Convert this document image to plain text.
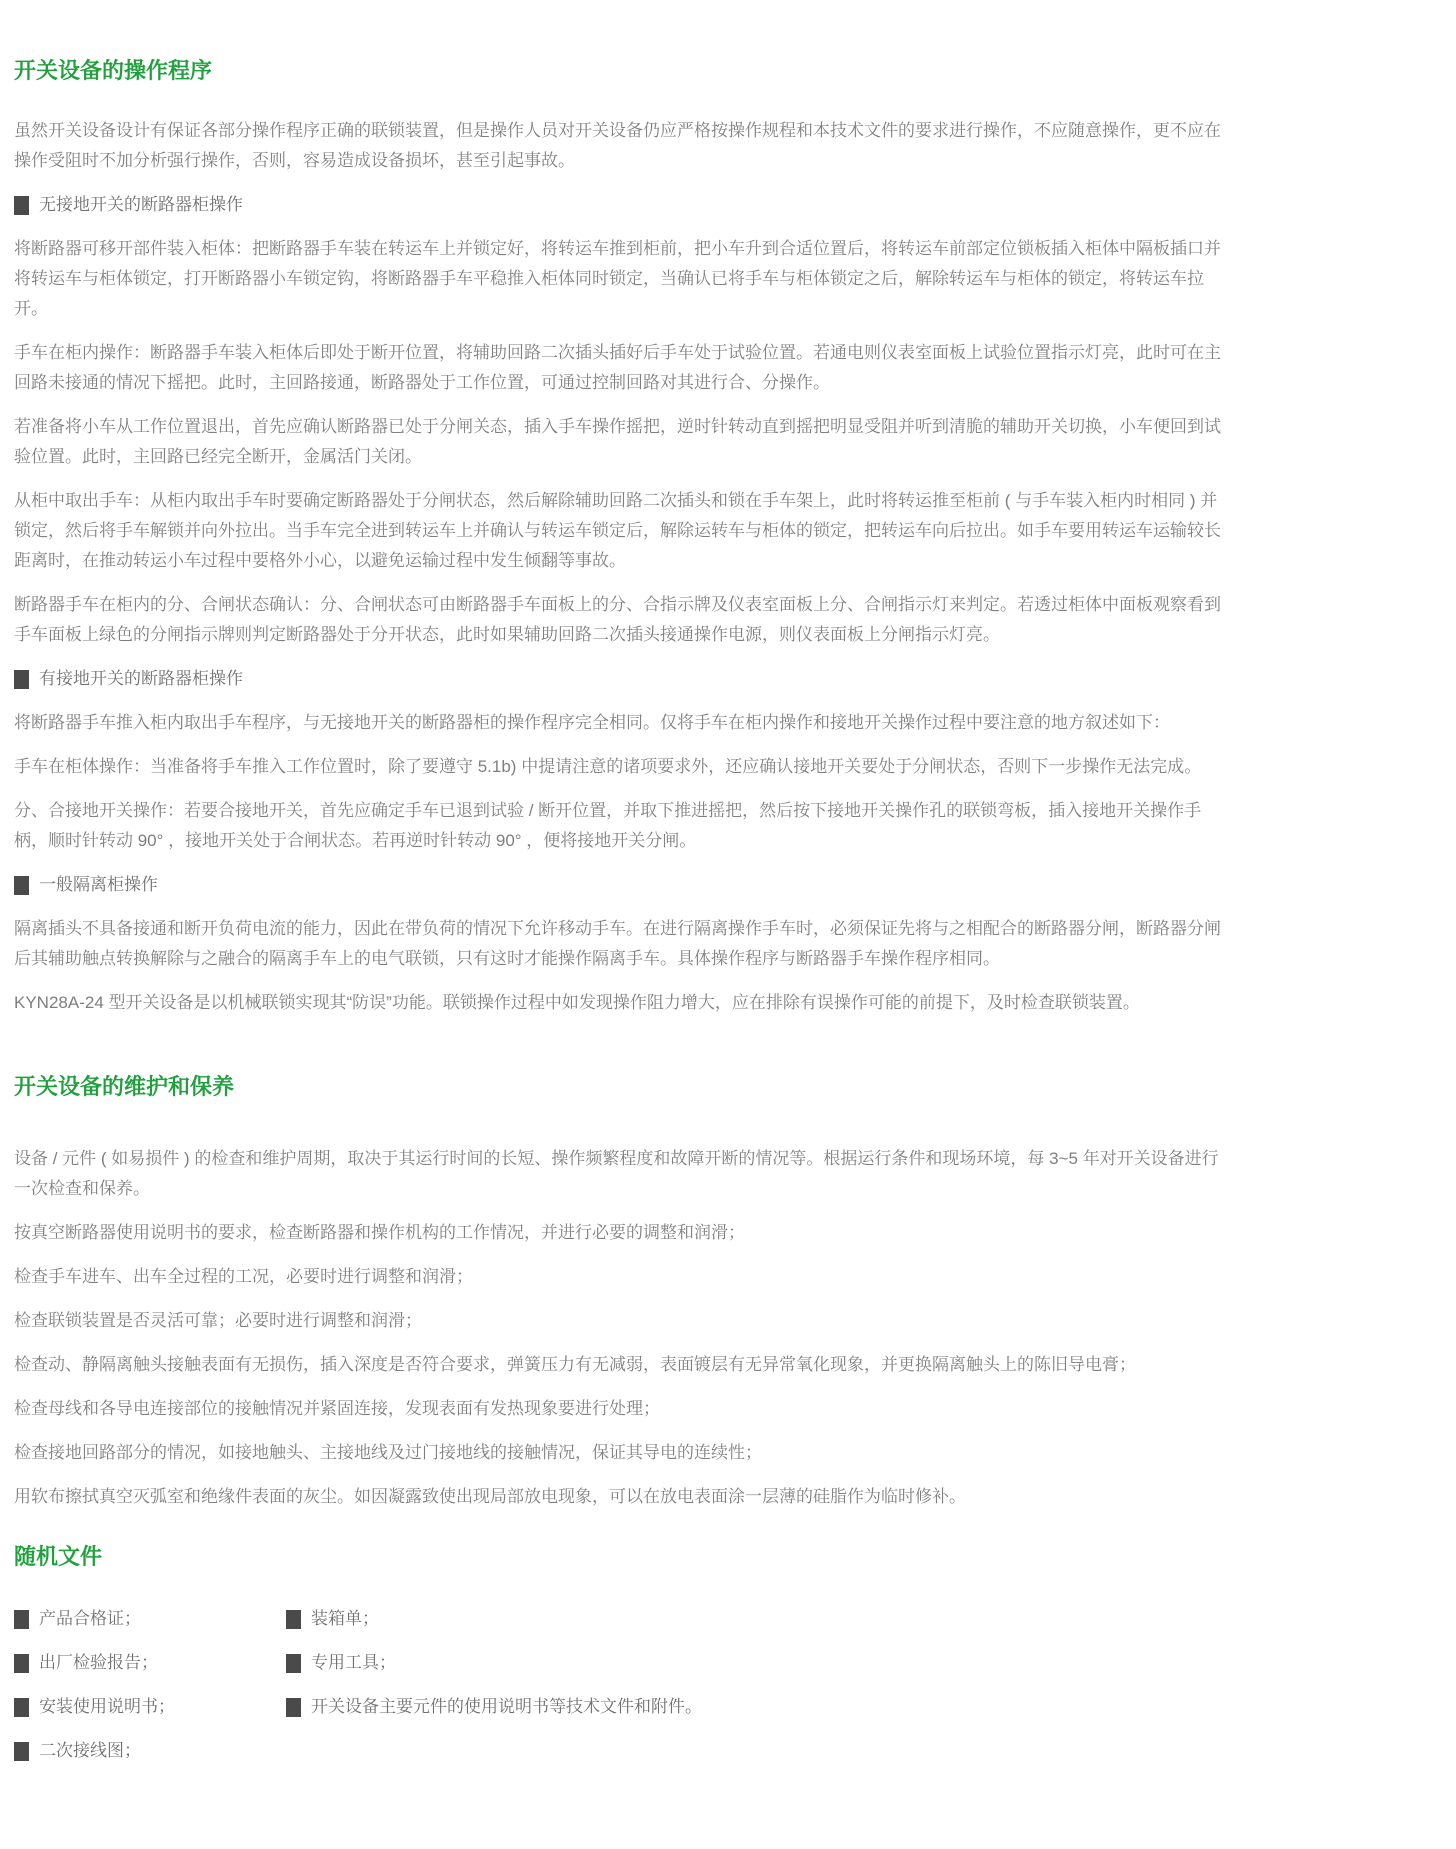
开关设备的操作程序

虽然开关设备设计有保证各部分操作程序正确的联锁装置，但是操作人员对开关设备仍应严格按操作规程和本技术文件的要求进行操作，不应随意操作，更不应在操作受阻时不加分析强行操作，否则，容易造成设备损坏，甚至引起事故。

无接地开关的断路器柜操作

将断路器可移开部件装入柜体：把断路器手车装在转运车上并锁定好，将转运车推到柜前，把小车升到合适位置后，将转运车前部定位锁板插入柜体中隔板插口并将转运车与柜体锁定，打开断路器小车锁定钩，将断路器手车平稳推入柜体同时锁定，当确认已将手车与柜体锁定之后，解除转运车与柜体的锁定，将转运车拉开。

手车在柜内操作：断路器手车装入柜体后即处于断开位置，将辅助回路二次插头插好后手车处于试验位置。若通电则仪表室面板上试验位置指示灯亮，此时可在主回路未接通的情况下摇把。此时，主回路接通，断路器处于工作位置，可通过控制回路对其进行合、分操作。

若准备将小车从工作位置退出，首先应确认断路器已处于分闸关态，插入手车操作摇把，逆时针转动直到摇把明显受阻并听到清脆的辅助开关切换，小车便回到试验位置。此时，主回路已经完全断开，金属活门关闭。

从柜中取出手车：从柜内取出手车时要确定断路器处于分闸状态，然后解除辅助回路二次插头和锁在手车架上，此时将转运推至柜前 ( 与手车装入柜内时相同 ) 并锁定，然后将手车解锁并向外拉出。当手车完全进到转运车上并确认与转运车锁定后，解除运转车与柜体的锁定，把转运车向后拉出。如手车要用转运车运输较长距离时，在推动转运小车过程中要格外小心，以避免运输过程中发生倾翻等事故。

断路器手车在柜内的分、合闸状态确认：分、合闸状态可由断路器手车面板上的分、合指示牌及仪表室面板上分、合闸指示灯来判定。若透过柜体中面板观察看到手车面板上绿色的分闸指示牌则判定断路器处于分开状态，此时如果辅助回路二次插头接通操作电源，则仪表面板上分闸指示灯亮。

有接地开关的断路器柜操作

将断路器手车推入柜内取出手车程序，与无接地开关的断路器柜的操作程序完全相同。仅将手车在柜内操作和接地开关操作过程中要注意的地方叙述如下：

手车在柜体操作：当准备将手车推入工作位置时，除了要遵守 5.1b) 中提请注意的诸项要求外，还应确认接地开关要处于分闸状态，否则下一步操作无法完成。

分、合接地开关操作：若要合接地开关，首先应确定手车已退到试验 / 断开位置，并取下推进摇把，然后按下接地开关操作孔的联锁弯板，插入接地开关操作手柄，顺时针转动 90° ，接地开关处于合闸状态。若再逆时针转动 90° ，便将接地开关分闸。

一般隔离柜操作

隔离插头不具备接通和断开负荷电流的能力，因此在带负荷的情况下允许移动手车。在进行隔离操作手车时，必须保证先将与之相配合的断路器分闸，断路器分闸后其辅助触点转换解除与之融合的隔离手车上的电气联锁，只有这时才能操作隔离手车。具体操作程序与断路器手车操作程序相同。

KYN28A-24 型开关设备是以机械联锁实现其“防误”功能。联锁操作过程中如发现操作阻力增大，应在排除有误操作可能的前提下，及时检查联锁装置。

开关设备的维护和保养

设备 / 元件 ( 如易损件 ) 的检查和维护周期，取决于其运行时间的长短、操作频繁程度和故障开断的情况等。根据运行条件和现场环境，每 3~5 年对开关设备进行一次检查和保养。

按真空断路器使用说明书的要求，检查断路器和操作机构的工作情况，并进行必要的调整和润滑；

检查手车进车、出车全过程的工况，必要时进行调整和润滑；

检查联锁装置是否灵活可靠；必要时进行调整和润滑；

检查动、静隔离触头接触表面有无损伤，插入深度是否符合要求，弹簧压力有无减弱，表面镀层有无异常氧化现象，并更换隔离触头上的陈旧导电膏；

检查母线和各导电连接部位的接触情况并紧固连接，发现表面有发热现象要进行处理；

检查接地回路部分的情况，如接地触头、主接地线及过门接地线的接触情况，保证其导电的连续性；

用软布擦拭真空灭弧室和绝缘件表面的灰尘。如因凝露致使出现局部放电现象，可以在放电表面涂一层薄的硅脂作为临时修补。

随机文件
产品合格证；
出厂检验报告；
安装使用说明书；
二次接线图；
装箱单；
专用工具；
开关设备主要元件的使用说明书等技术文件和附件。
